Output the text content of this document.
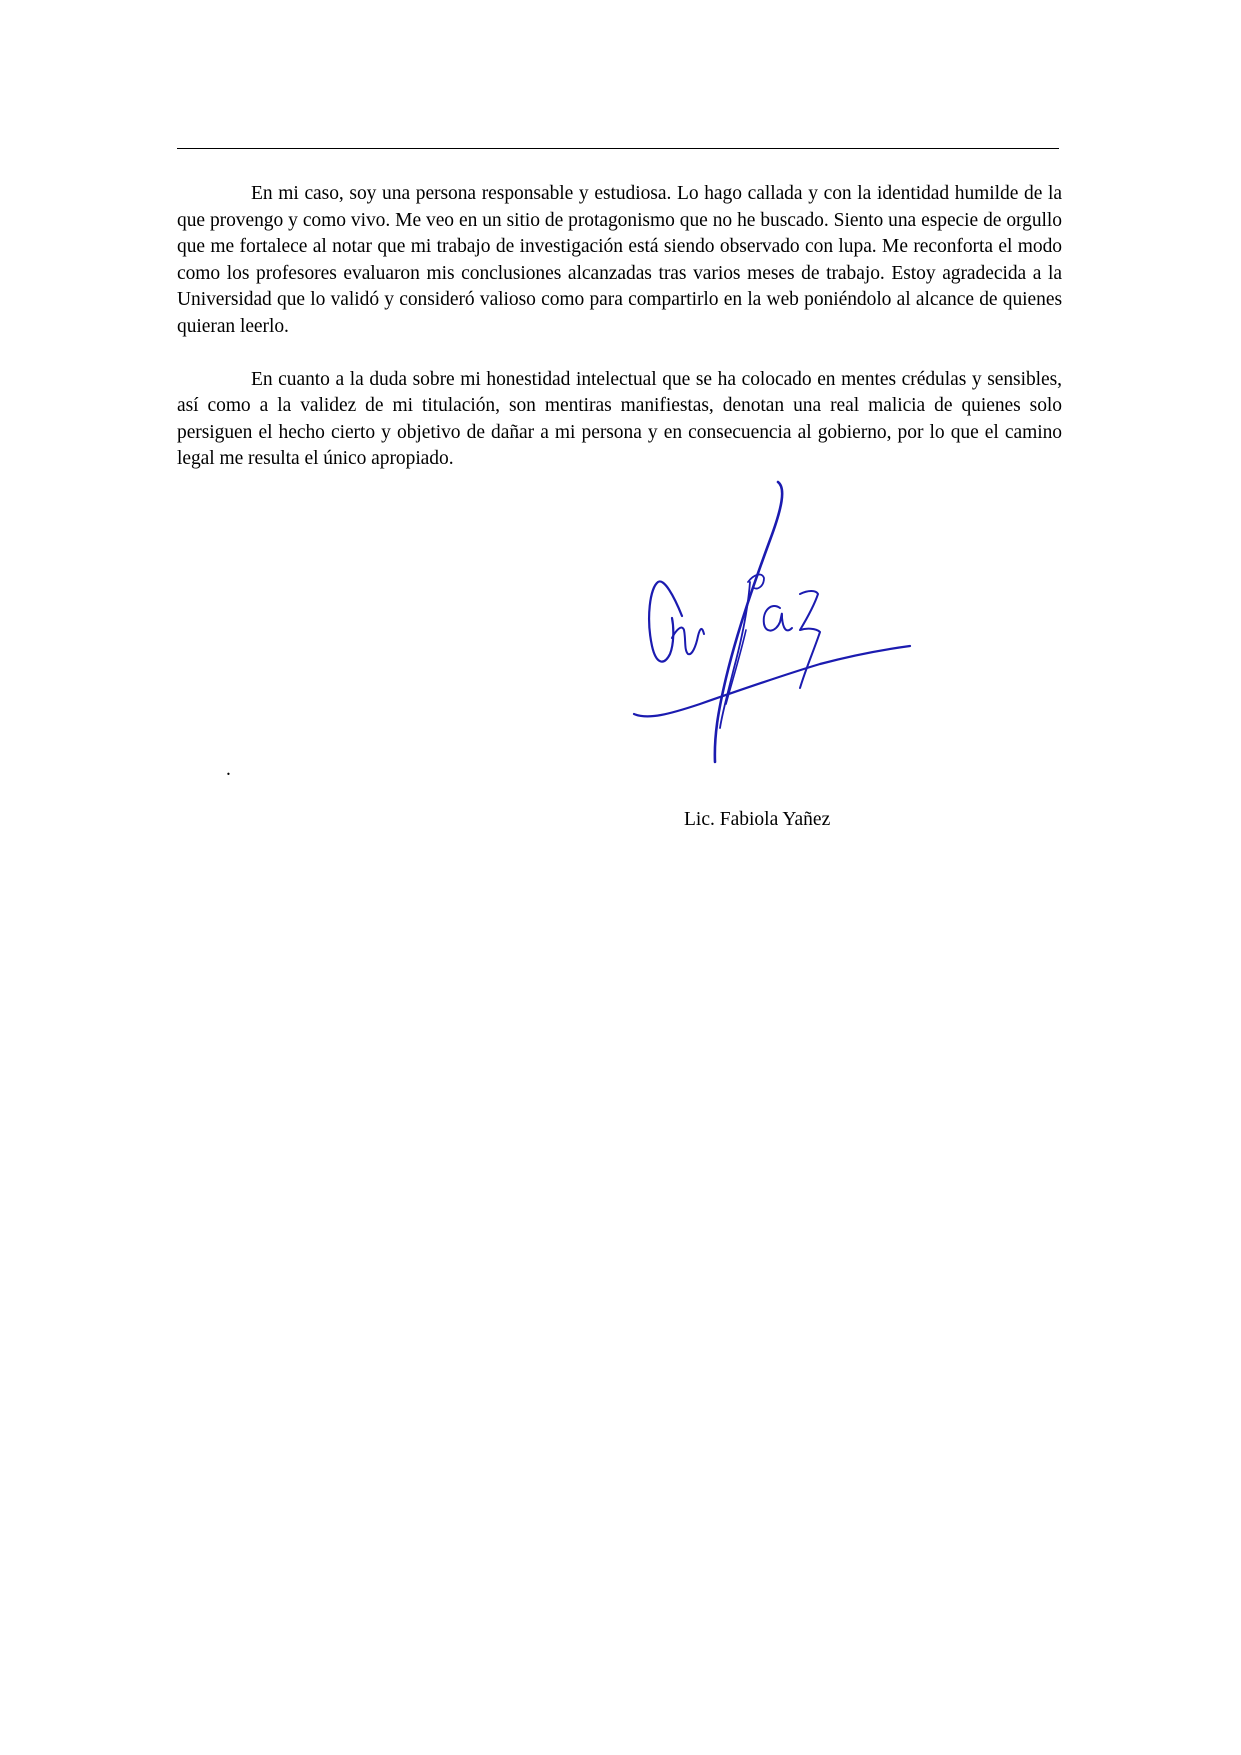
En mi caso, soy una persona responsable y estudiosa. Lo hago callada y con la identidad humilde de la que provengo y como vivo. Me veo en un sitio de protagonismo que no he buscado. Siento una especie de orgullo que me fortalece al notar que mi trabajo de investigación está siendo observado con lupa. Me reconforta el modo como los profesores evaluaron mis conclusiones alcanzadas tras varios meses de trabajo. Estoy agradecida a la Universidad que lo validó y consideró valioso como para compartirlo en la web poniéndolo al alcance de quienes quieran leerlo.

En cuanto a la duda sobre mi honestidad intelectual que se ha colocado en mentes crédulas y sensibles, así como a la validez de mi titulación, son mentiras manifiestas, denotan una real malicia de quienes solo persiguen el hecho cierto y objetivo de dañar a mi persona y en consecuencia al gobierno, por lo que el camino legal me resulta el único apropiado.

.
Lic. Fabiola Yañez
